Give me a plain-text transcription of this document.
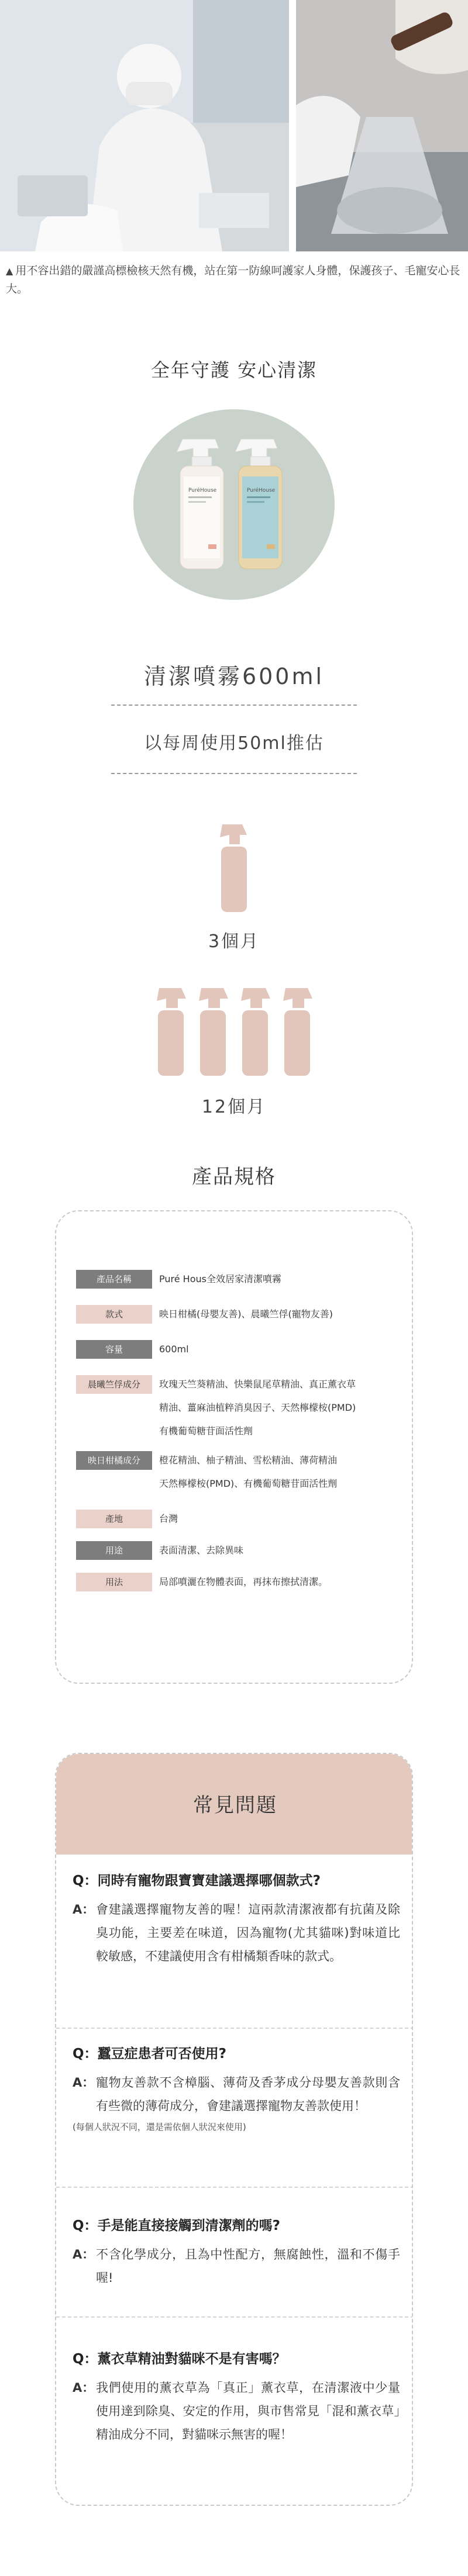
▲ 用不容出錯的嚴謹高標檢核天然有機，站在第一防線呵護家人身體，保護孩子、毛寵安心長大。
全年守護 安心清潔
PuréHouse	PuréHouse
清潔噴霧600ml
以每周使用50ml推估
3個月
12個月
產品規格
產品名稱	Puré Hous全效居家清潔噴霧
款式	映日柑橘(母嬰友善)、晨曦竺俘(寵物友善)
容量	600ml
晨曦竺俘成分	玫瑰天竺葵精油、快樂鼠尾草精油、真正薰衣草
精油、薑麻油植粹消臭因子、天然檸檬桉(PMD)
有機葡萄糖苷面活性劑
映日柑橘成分	橙花精油、柚子精油、雪松精油、薄荷精油
天然檸檬桉(PMD)、有機葡萄糖苷面活性劑
產地	台灣
用途	表面清潔、去除異味
用法	局部噴灑在物體表面，再抹布擦拭清潔。
常見問題
Q：同時有寵物跟寶寶建議選擇哪個款式?
A： 會建議選擇寵物友善的喔！這兩款清潔液都有抗菌及除臭功能，主要差在味道，因為寵物(尤其貓咪)對味道比較敏感，不建議使用含有柑橘類香味的款式。
Q：蠶豆症患者可否使用?
A： 寵物友善款不含樟腦、薄荷及香茅成分母嬰友善款則含有些微的薄荷成分，會建議選擇寵物友善款使用！
(每個人狀況不同，還是需依個人狀況來使用)
Q：手是能直接接觸到清潔劑的嗎?
A： 不含化學成分，且為中性配方，無腐蝕性，溫和不傷手喔!
Q：薰衣草精油對貓咪不是有害嗎？
A： 我們使用的薰衣草為「真正」薰衣草，在清潔液中少量使用達到除臭、安定的作用，與市售常見「混和薰衣草」精油成分不同，對貓咪示無害的喔！
